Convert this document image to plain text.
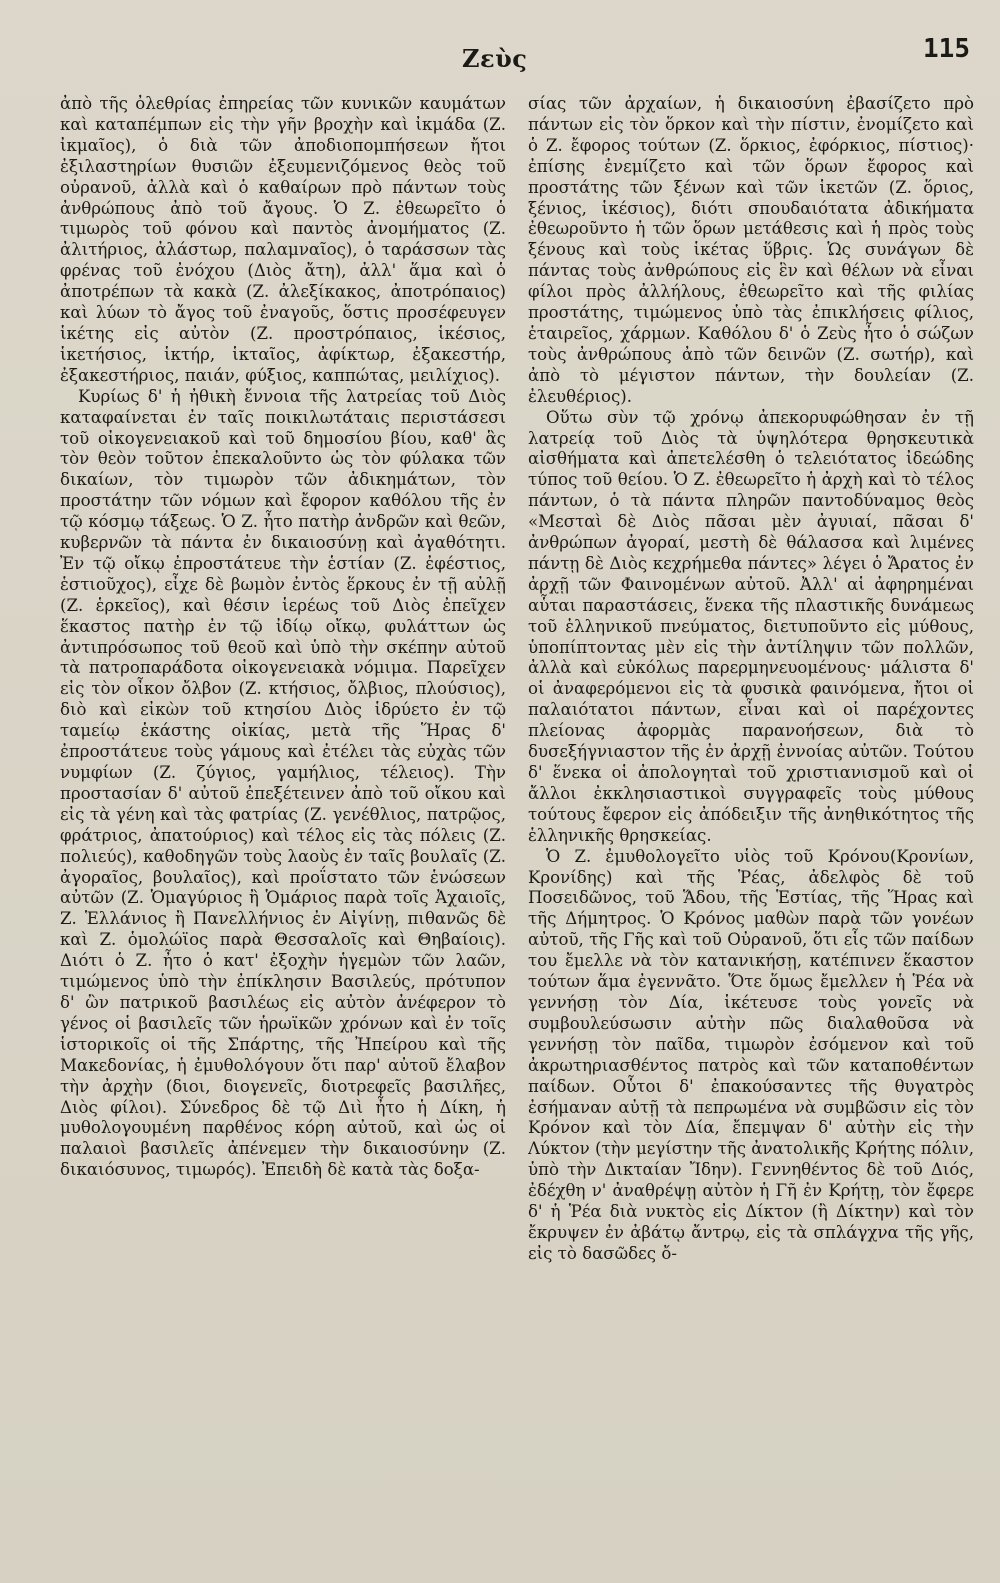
Ζεὺς	115

ἀπὸ τῆς ὀλεθρίας ἐπηρείας τῶν κυνικῶν καυμάτων καὶ καταπέμπων εἰς τὴν γῆν βροχὴν καὶ ἰκμάδα (Ζ. ἰκμαῖος), ὁ διὰ τῶν ἀποδιοπομπήσεων ἤτοι ἐξιλαστηρίων θυσιῶν ἐξευμενιζόμενος θεὸς τοῦ οὐρανοῦ, ἀλλὰ καὶ ὁ καθαίρων πρὸ πάντων τοὺς ἀνθρώπους ἀπὸ τοῦ ἄγους. Ὁ Ζ. ἐθεωρεῖτο ὁ τιμωρὸς τοῦ φόνου καὶ παντὸς ἀνομήματος (Ζ. ἀλιτήριος, ἀλάστωρ, παλαμναῖος), ὁ ταράσσων τὰς φρένας τοῦ ἐνόχου (Διὸς ἄτη), ἀλλ' ἅμα καὶ ὁ ἀποτρέπων τὰ κακὰ (Ζ. ἀλεξίκακος, ἀποτρόπαιος) καὶ λύων τὸ ἄγος τοῦ ἐναγοῦς, ὅστις προσέφευγεν ἱκέτης εἰς αὐτὸν (Ζ. προστρόπαιος, ἱκέσιος, ἱκετήσιος, ἱκτήρ, ἱκταῖος, ἀφίκτωρ, ἐξακεστήρ, ἐξακεστήριος, παιάν, φύξιος, καππώτας, μειλίχιος).

Κυρίως δ' ἡ ἠθικὴ ἔννοια τῆς λατρείας τοῦ Διὸς καταφαίνεται ἐν ταῖς ποικιλωτάταις περιστάσεσι τοῦ οἰκογενειακοῦ καὶ τοῦ δημοσίου βίου, καθ' ἃς τὸν θεὸν τοῦτον ἐπεκαλοῦντο ὡς τὸν φύλακα τῶν δικαίων, τὸν τιμωρὸν τῶν ἀδικημάτων, τὸν προστάτην τῶν νόμων καὶ ἔφορον καθόλου τῆς ἐν τῷ κόσμῳ τάξεως. Ὁ Ζ. ἦτο πατὴρ ἀνδρῶν καὶ θεῶν, κυβερνῶν τὰ πάντα ἐν δικαιοσύνῃ καὶ ἀγαθότητι. Ἐν τῷ οἴκῳ ἐπροστάτευε τὴν ἑστίαν (Ζ. ἐφέστιος, ἑστιοῦχος), εἶχε δὲ βωμὸν ἐντὸς ἕρκους ἐν τῇ αὐλῇ (Ζ. ἑρκεῖος), καὶ θέσιν ἱερέως τοῦ Διὸς ἐπεῖχεν ἕκαστος πατὴρ ἐν τῷ ἰδίῳ οἴκῳ, φυλάττων ὡς ἀντιπρόσωπος τοῦ θεοῦ καὶ ὑπὸ τὴν σκέπην αὐτοῦ τὰ πατροπαράδοτα οἰκογενειακὰ νόμιμα. Παρεῖχεν εἰς τὸν οἶκον ὄλβον (Ζ. κτήσιος, ὄλβιος, πλούσιος), διὸ καὶ εἰκὼν τοῦ κτησίου Διὸς ἱδρύετο ἐν τῷ ταμείῳ ἑκάστης οἰκίας, μετὰ τῆς Ἥρας δ' ἐπροστάτευε τοὺς γάμους καὶ ἐτέλει τὰς εὐχὰς τῶν νυμφίων (Ζ. ζύγιος, γαμήλιος, τέλειος). Τὴν προστασίαν δ' αὐτοῦ ἐπεξέτεινεν ἀπὸ τοῦ οἴκου καὶ εἰς τὰ γένη καὶ τὰς φατρίας (Ζ. γενέθλιος, πατρῷος, φράτριος, ἀπατούριος) καὶ τέλος εἰς τὰς πόλεις (Ζ. πολιεύς), καθοδηγῶν τοὺς λαοὺς ἐν ταῖς βουλαῖς (Ζ. ἀγοραῖος, βουλαῖος), καὶ προΐστατο τῶν ἑνώσεων αὐτῶν (Ζ. Ὁμαγύριος ἢ Ὁμάριος παρὰ τοῖς Ἀχαιοῖς, Ζ. Ἑλλάνιος ἢ Πανελλήνιος ἐν Αἰγίνῃ, πιθανῶς δὲ καὶ Ζ. ὁμολώϊος παρὰ Θεσσαλοῖς καὶ Θηβαίοις). Διότι ὁ Ζ. ἦτο ὁ κατ' ἐξοχὴν ἡγεμὼν τῶν λαῶν, τιμώμενος ὑπὸ τὴν ἐπίκλησιν Βασιλεύς, πρότυπον δ' ὢν πατρικοῦ βασιλέως εἰς αὐτὸν ἀνέφερον τὸ γένος οἱ βασιλεῖς τῶν ἡρωϊκῶν χρόνων καὶ ἐν τοῖς ἱστορικοῖς οἱ τῆς Σπάρτης, τῆς Ἠπείρου καὶ τῆς Μακεδονίας, ἡ ἐμυθολόγουν ὅτι παρ' αὐτοῦ ἔλαβον τὴν ἀρχὴν (διοι, διογενεῖς, διοτρεφεῖς βασιλῆες, Διὸς φίλοι). Σύνεδρος δὲ τῷ Διὶ ἦτο ἡ Δίκη, ἡ μυθολογουμένη παρθένος κόρη αὐτοῦ, καὶ ὡς οἱ παλαιοὶ βασιλεῖς ἀπένεμεν τὴν δικαιοσύνην (Ζ. δικαιόσυνος, τιμωρός). Ἐπειδὴ δὲ κατὰ τὰς δοξα-

σίας τῶν ἀρχαίων, ἡ δικαιοσύνη ἐβασίζετο πρὸ πάντων εἰς τὸν ὅρκον καὶ τὴν πίστιν, ἐνομίζετο καὶ ὁ Ζ. ἔφορος τούτων (Ζ. ὅρκιος, ἐφόρκιος, πίστιος)· ἐπίσης ἐνεμίζετο καὶ τῶν ὅρων ἔφορος καὶ προστάτης τῶν ξένων καὶ τῶν ἱκετῶν (Ζ. ὅριος, ξένιος, ἱκέσιος), διότι σπουδαιότατα ἀδικήματα ἐθεωροῦντο ἡ τῶν ὅρων μετάθεσις καὶ ἡ πρὸς τοὺς ξένους καὶ τοὺς ἱκέτας ὕβρις. Ὡς συνάγων δὲ πάντας τοὺς ἀνθρώπους εἰς ἓν καὶ θέλων νὰ εἶναι φίλοι πρὸς ἀλλήλους, ἐθεωρεῖτο καὶ τῆς φιλίας προστάτης, τιμώμενος ὑπὸ τὰς ἐπικλήσεις φίλιος, ἑταιρεῖος, χάρμων. Καθόλου δ' ὁ Ζεὺς ἦτο ὁ σώζων τοὺς ἀνθρώπους ἀπὸ τῶν δεινῶν (Ζ. σωτήρ), καὶ ἀπὸ τὸ μέγιστον πάντων, τὴν δουλείαν (Ζ. ἐλευθέριος).

Οὕτω σὺν τῷ χρόνῳ ἀπεκορυφώθησαν ἐν τῇ λατρείᾳ τοῦ Διὸς τὰ ὑψηλότερα θρησκευτικὰ αἰσθήματα καὶ ἀπετελέσθη ὁ τελειότατος ἰδεώδης τύπος τοῦ θείου. Ὁ Ζ. ἐθεωρεῖτο ἡ ἀρχὴ καὶ τὸ τέλος πάντων, ὁ τὰ πάντα πληρῶν παντοδύναμος θεὸς «Μεσταὶ δὲ Διὸς πᾶσαι μὲν ἀγυιαί, πᾶσαι δ' ἀνθρώπων ἀγοραί, μεστὴ δὲ θάλασσα καὶ λιμένες πάντῃ δὲ Διὸς κεχρήμεθα πάντες» λέγει ὁ Ἄρατος ἐν ἀρχῇ τῶν Φαινομένων αὐτοῦ. Ἀλλ' αἱ ἀφηρημέναι αὗται παραστάσεις, ἕνεκα τῆς πλαστικῆς δυνάμεως τοῦ ἑλληνικοῦ πνεύματος, διετυποῦντο εἰς μύθους, ὑποπίπτοντας μὲν εἰς τὴν ἀντίληψιν τῶν πολλῶν, ἀλλὰ καὶ εὐκόλως παρερμηνευομένους· μάλιστα δ' οἱ ἀναφερόμενοι εἰς τὰ φυσικὰ φαινόμενα, ἤτοι οἱ παλαιότατοι πάντων, εἶναι καὶ οἱ παρέχοντες πλείονας ἀφορμὰς παρανοήσεων, διὰ τὸ δυσεξήγνιαστον τῆς ἐν ἀρχῇ ἐννοίας αὐτῶν. Τούτου δ' ἕνεκα οἱ ἀπολογηταὶ τοῦ χριστιανισμοῦ καὶ οἱ ἄλλοι ἐκκλησιαστικοὶ συγγραφεῖς τοὺς μύθους τούτους ἔφερον εἰς ἀπόδειξιν τῆς ἀνηθικότητος τῆς ἑλληνικῆς θρησκείας.

Ὁ Ζ. ἐμυθολογεῖτο υἱὸς τοῦ Κρόνου(Κρονίων, Κρονίδης) καὶ τῆς Ῥέας, ἀδελφὸς δὲ τοῦ Ποσειδῶνος, τοῦ Ἅδου, τῆς Ἑστίας, τῆς Ἥρας καὶ τῆς Δήμητρος. Ὁ Κρόνος μαθὼν παρὰ τῶν γονέων αὐτοῦ, τῆς Γῆς καὶ τοῦ Οὐρανοῦ, ὅτι εἷς τῶν παίδων του ἔμελλε νὰ τὸν κατανικήσῃ, κατέπινεν ἕκαστον τούτων ἅμα ἐγεννᾶτο. Ὅτε ὅμως ἔμελλεν ἡ Ῥέα νὰ γεννήσῃ τὸν Δία, ἱκέτευσε τοὺς γονεῖς νὰ συμβουλεύσωσιν αὐτὴν πῶς διαλαθοῦσα νὰ γεννήσῃ τὸν παῖδα, τιμωρὸν ἐσόμενον καὶ τοῦ ἀκρωτηριασθέντος πατρὸς καὶ τῶν καταποθέντων παίδων. Οὗτοι δ' ἐπακούσαντες τῆς θυγατρὸς ἐσήμαναν αὐτῇ τὰ πεπρωμένα νὰ συμβῶσιν εἰς τὸν Κρόνον καὶ τὸν Δία, ἔπεμψαν δ' αὐτὴν εἰς τὴν Λύκτον (τὴν μεγίστην τῆς ἀνατολικῆς Κρήτης πόλιν, ὑπὸ τὴν Δικταίαν Ἴδην). Γεννηθέντος δὲ τοῦ Διός, ἐδέχθη ν' ἀναθρέψῃ αὐτὸν ἡ Γῆ ἐν Κρήτῃ, τὸν ἔφερε δ' ἡ Ῥέα διὰ νυκτὸς εἰς Δίκτον (ἢ Δίκτην) καὶ τὸν ἔκρυψεν ἐν ἀβάτῳ ἄντρῳ, εἰς τὰ σπλάγχνα τῆς γῆς, εἰς τὸ δασῶδες ὄ-
